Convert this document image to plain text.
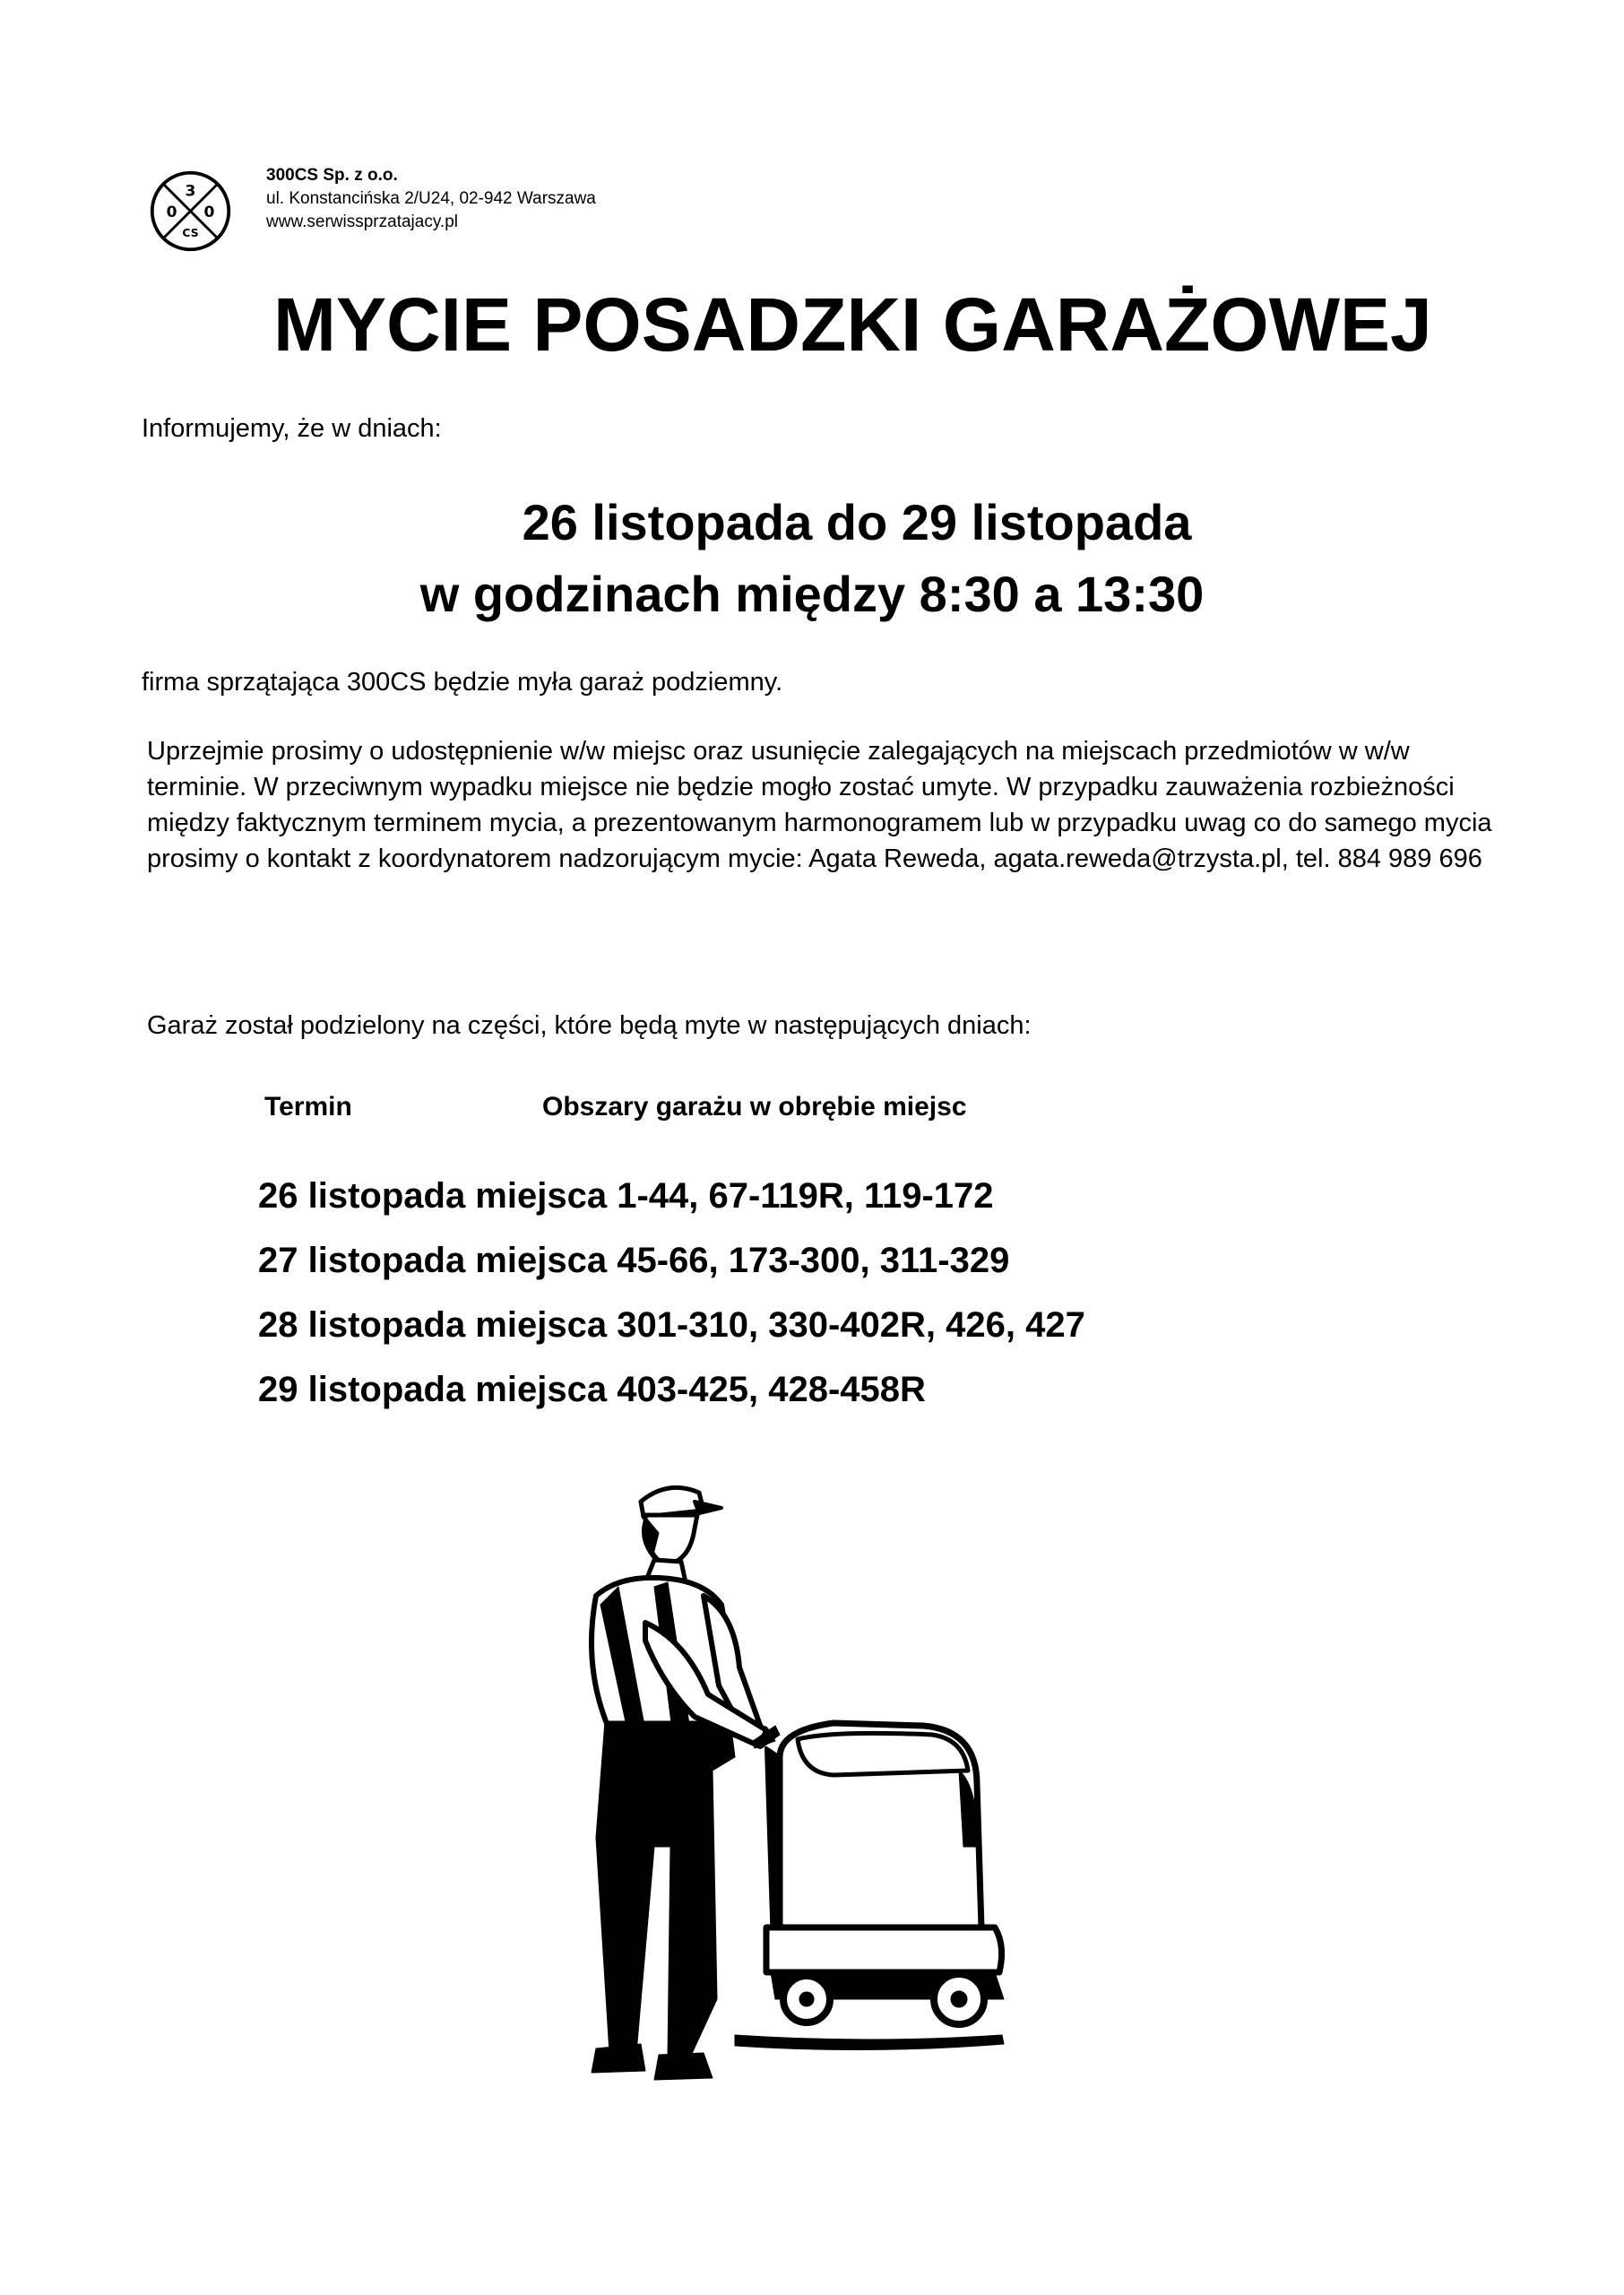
3
0 0
CS
300CS Sp. z o.o.
ul. Konstancińska 2/U24, 02-942 Warszawa
www.serwissprzatajacy.pl
MYCIE POSADZKI GARAŻOWEJ
Informujemy, że w dniach:
26 listopada do 29 listopada
w godzinach między 8:30 a 13:30
firma sprzątająca 300CS będzie myła garaż podziemny.
Uprzejmie prosimy o udostępnienie w/w miejsc oraz usunięcie zalegających na miejscach przedmiotów w w/w terminie. W przeciwnym wypadku miejsce nie będzie mogło zostać umyte. W przypadku zauważenia rozbieżności między faktycznym terminem mycia, a prezentowanym harmonogramem lub w przypadku uwag co do samego mycia prosimy o kontakt z koordynatorem nadzorującym mycie: Agata Reweda, agata.reweda@trzysta.pl, tel. 884 989 696
Garaż został podzielony na części, które będą myte w następujących dniach:
Termin	Obszary garażu w obrębie miejsc
26 listopada miejsca 1-44, 67-119R, 119-172
27 listopada miejsca 45-66, 173-300, 311-329
28 listopada miejsca 301-310, 330-402R, 426, 427
29 listopada miejsca 403-425, 428-458R
